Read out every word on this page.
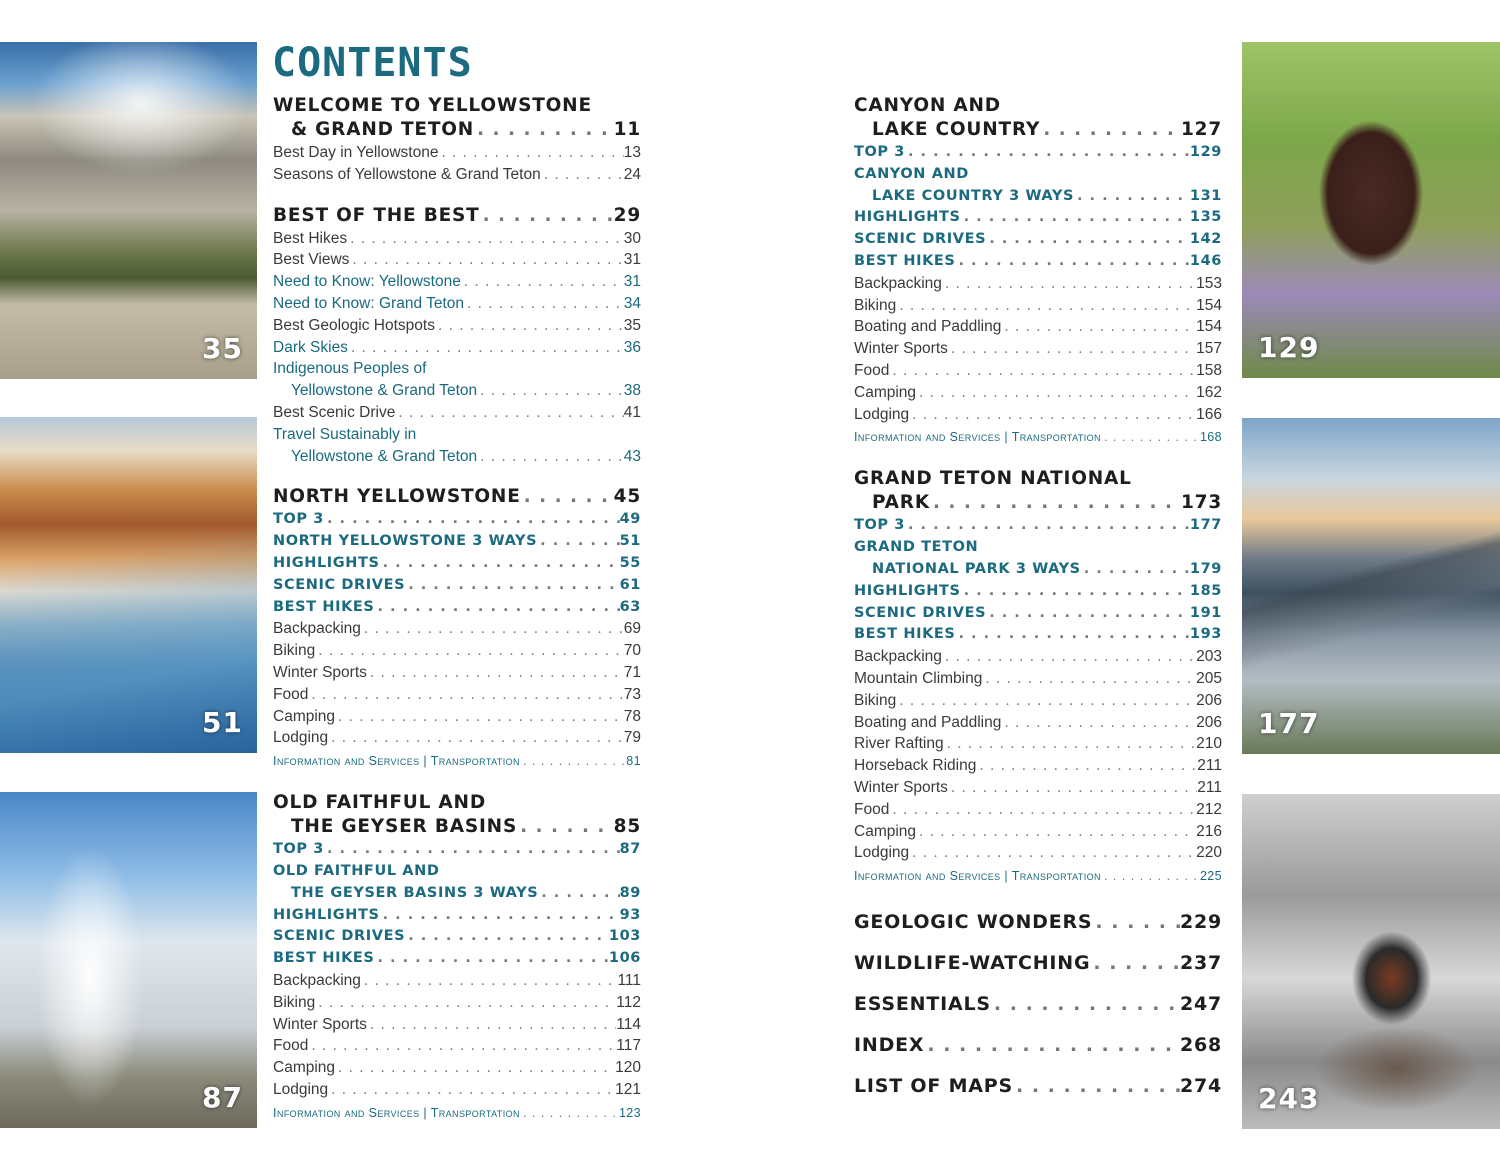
35
51
87
129
177
243
CONTENTS
WELCOME TO YELLOWSTONE
& GRAND TETON . . .	11
Best Day in Yellowstone . . .	13
Seasons of Yellowstone & Grand Teton . . .	24
BEST OF THE BEST . . .	29
Best Hikes . . .	30
Best Views . . .	31
Need to Know: Yellowstone . . .	31
Need to Know: Grand Teton . . .	34
Best Geologic Hotspots . . .	35
Dark Skies . . .	36
Indigenous Peoples of
Yellowstone & Grand Teton . . .	38
Best Scenic Drive . . .	41
Travel Sustainably in
Yellowstone & Grand Teton . . .	43
NORTH YELLOWSTONE . . .	45
TOP 3 . . .	49
NORTH YELLOWSTONE 3 WAYS . . .	51
HIGHLIGHTS . . .	55
SCENIC DRIVES . . .	61
BEST HIKES . . .	63
Backpacking . . .	69
Biking . . .	70
Winter Sports . . .	71
Food . . .	73
Camping . . .	78
Lodging . . .	79
Information and Services | Transportation . . .	81
OLD FAITHFUL AND
THE GEYSER BASINS . . .	85
TOP 3 . . .	87
OLD FAITHFUL AND
THE GEYSER BASINS 3 WAYS . . .	89
HIGHLIGHTS . . .	93
SCENIC DRIVES . . .	103
BEST HIKES . . .	106
Backpacking . . .	111
Biking . . .	112
Winter Sports . . .	114
Food . . .	117
Camping . . .	120
Lodging . . .	121
Information and Services | Transportation . . .	123
CANYON AND
LAKE COUNTRY . . .	127
TOP 3 . . .	129
CANYON AND
LAKE COUNTRY 3 WAYS . . .	131
HIGHLIGHTS . . .	135
SCENIC DRIVES . . .	142
BEST HIKES . . .	146
Backpacking . . .	153
Biking . . .	154
Boating and Paddling . . .	154
Winter Sports . . .	157
Food . . .	158
Camping . . .	162
Lodging . . .	166
Information and Services | Transportation . . .	168
GRAND TETON NATIONAL
PARK . . .	173
TOP 3 . . .	177
GRAND TETON
NATIONAL PARK 3 WAYS . . .	179
HIGHLIGHTS . . .	185
SCENIC DRIVES . . .	191
BEST HIKES . . .	193
Backpacking . . .	203
Mountain Climbing . . .	205
Biking . . .	206
Boating and Paddling . . .	206
River Rafting . . .	210
Horseback Riding . . .	211
Winter Sports . . .	211
Food . . .	212
Camping . . .	216
Lodging . . .	220
Information and Services | Transportation . . .	225
GEOLOGIC WONDERS . . .	229
WILDLIFE-WATCHING . . .	237
ESSENTIALS . . .	247
INDEX . . .	268
LIST OF MAPS . . .	274
